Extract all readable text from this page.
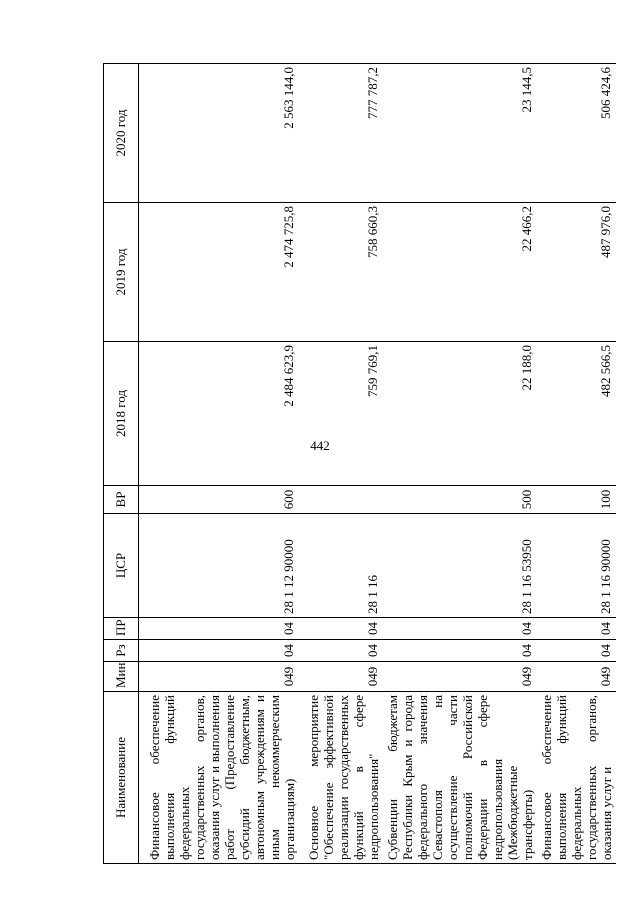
442
Наименование	Мин	Рз	ПР	ЦСР	ВР	2018 год	2019 год	2020 год
Финансовое обеспечение выполнения функций федеральных государственных органов, оказания услуг и выполнения работ (Предоставление субсидий бюджетным, автономным учреждениям и иным некоммерческим организациям)	049	04	04	28 1 12 90000	600	2 484 623,9	2 474 725,8	2 563 144,0
Основное мероприятие "Обеспечение эффективной реализации государственных функций в сфере недропользования"	049	04	04	28 1 16		759 769,1	758 660,3	777 787,2
Субвенции бюджетам Республики Крым и города федерального значения Севастополя на осуществление части полномочий Российской Федерации в сфере недропользования (Межбюджетные трансферты)	049	04	04	28 1 16 53950	500	22 188,0	22 466,2	23 144,5
Финансовое обеспечение выполнения функций федеральных государственных органов, оказания услуг и	049	04	04	28 1 16 90000	100	482 566,5	487 976,0	506 424,6
